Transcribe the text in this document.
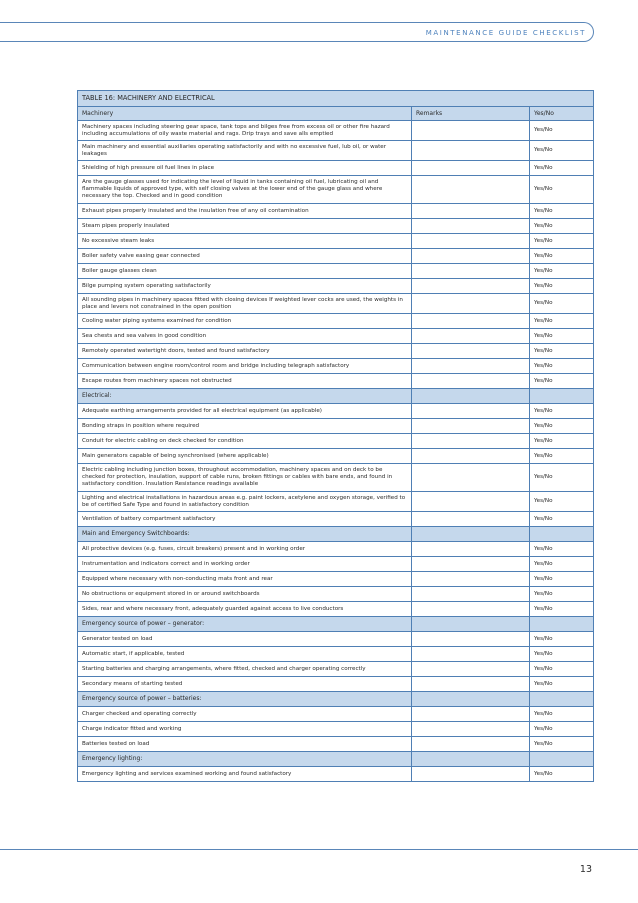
MAINTENANCE GUIDE CHECKLIST
TABLE 16: MACHINERY AND ELECTRICAL		
Machinery	Remarks	Yes/No
Machinery spaces including steering gear space, tank tops and bilges free from excess oil or other fire hazard including accumulations of oily waste material and rags. Drip trays and save alls emptied		Yes/No
Main machinery and essential auxiliaries operating satisfactorily and with no excessive fuel, lub oil, or water leakages		Yes/No
Shielding of high pressure oil fuel lines in place		Yes/No
Are the gauge glasses used for indicating the level of liquid in tanks containing oil fuel, lubricating oil and flammable liquids of approved type, with self closing valves at the lower end of the gauge glass and where necessary the top. Checked and in good condition		Yes/No
Exhaust pipes properly insulated and the insulation free of any oil contamination		Yes/No
Steam pipes properly insulated		Yes/No
No excessive steam leaks		Yes/No
Boiler safety valve easing gear connected		Yes/No
Boiler gauge glasses clean		Yes/No
Bilge pumping system operating satisfactorily		Yes/No
All sounding pipes in machinery spaces fitted with closing devices If weighted lever cocks are used, the weights in place and levers not constrained in the open position		Yes/No
Cooling water piping systems examined for condition		Yes/No
Sea chests and sea valves in good condition		Yes/No
Remotely operated watertight doors, tested and found satisfactory		Yes/No
Communication between engine room/control room and bridge including telegraph satisfactory		Yes/No
Escape routes from machinery spaces not obstructed		Yes/No
Electrical:		
Adequate earthing arrangements provided for all electrical equipment (as applicable)		Yes/No
Bonding straps in position where required		Yes/No
Conduit for electric cabling on deck checked for condition		Yes/No
Main generators capable of being synchronised (where applicable)		Yes/No
Electric cabling including junction boxes, throughout accommodation, machinery spaces and on deck to be checked for protection, insulation, support of cable runs, broken fittings or cables with bare ends, and found in satisfactory condition. Insulation Resistance readings available		Yes/No
Lighting and electrical installations in hazardous areas e.g. paint lockers, acetylene and oxygen storage, verified to be of certified Safe Type and found in satisfactory condition		Yes/No
Ventilation of battery compartment satisfactory		Yes/No
Main and Emergency Switchboards:		
All protective devices (e.g. fuses, circuit breakers) present and in working order		Yes/No
Instrumentation and indicators correct and in working order		Yes/No
Equipped where necessary with non-conducting mats front and rear		Yes/No
No obstructions or equipment stored in or around switchboards		Yes/No
Sides, rear and where necessary front, adequately guarded against access to live conductors		Yes/No
Emergency source of power – generator:		
Generator tested on load		Yes/No
Automatic start, if applicable, tested		Yes/No
Starting batteries and charging arrangements, where fitted, checked and charger operating correctly		Yes/No
Secondary means of starting tested		Yes/No
Emergency source of power – batteries:		
Charger checked and operating correctly		Yes/No
Charge indicator fitted and working		Yes/No
Batteries tested on load		Yes/No
Emergency lighting:		
Emergency lighting and services examined working and found satisfactory		Yes/No
13
